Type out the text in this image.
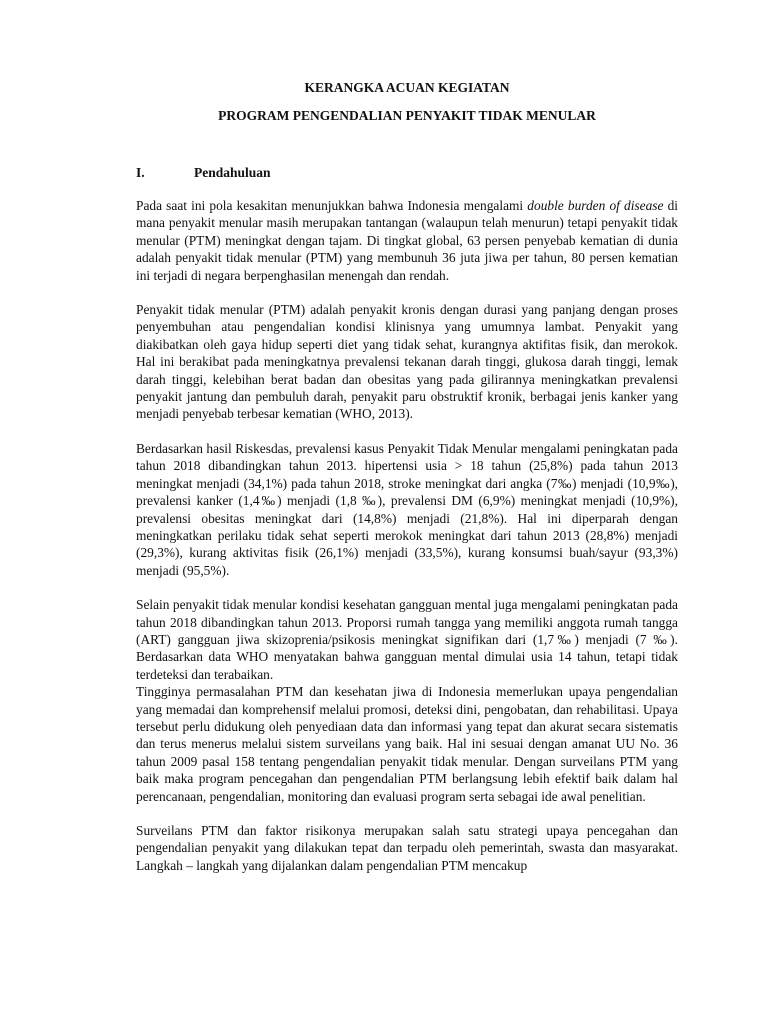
KERANGKA ACUAN KEGIATAN

PROGRAM PENGENDALIAN PENYAKIT TIDAK MENULAR

I.	Pendahuluan

Pada saat ini pola kesakitan menunjukkan bahwa Indonesia mengalami double burden of disease di mana penyakit menular masih merupakan tantangan (walaupun telah menurun) tetapi penyakit tidak menular (PTM) meningkat dengan tajam. Di tingkat global, 63 persen penyebab kematian di dunia adalah penyakit tidak menular (PTM) yang membunuh 36 juta jiwa per tahun, 80 persen kematian ini terjadi di negara berpenghasilan menengah dan rendah.

Penyakit tidak menular (PTM) adalah penyakit kronis dengan durasi yang panjang dengan proses penyembuhan atau pengendalian kondisi klinisnya yang umumnya lambat. Penyakit yang diakibatkan oleh gaya hidup seperti diet yang tidak sehat, kurangnya aktifitas fisik, dan merokok. Hal ini berakibat pada meningkatnya prevalensi tekanan darah tinggi, glukosa darah tinggi, lemak darah tinggi, kelebihan berat badan dan obesitas yang pada gilirannya meningkatkan prevalensi penyakit jantung dan pembuluh darah, penyakit paru obstruktif kronik, berbagai jenis kanker yang menjadi penyebab terbesar kematian (WHO, 2013).

Berdasarkan hasil Riskesdas, prevalensi kasus Penyakit Tidak Menular mengalami peningkatan pada tahun 2018 dibandingkan tahun 2013. hipertensi usia > 18 tahun (25,8%) pada tahun 2013 meningkat menjadi (34,1%) pada tahun 2018, stroke meningkat dari angka (7‰) menjadi (10,9‰), prevalensi kanker (1,4‰) menjadi (1,8 ‰), prevalensi DM (6,9%) meningkat menjadi (10,9%), prevalensi obesitas meningkat dari (14,8%) menjadi (21,8%). Hal ini diperparah dengan meningkatkan perilaku tidak sehat seperti merokok meningkat dari tahun 2013 (28,8%) menjadi (29,3%), kurang aktivitas fisik (26,1%) menjadi (33,5%), kurang konsumsi buah/sayur (93,3%) menjadi (95,5%).

Selain penyakit tidak menular kondisi kesehatan gangguan mental juga mengalami peningkatan pada tahun 2018 dibandingkan tahun 2013. Proporsi rumah tangga yang memiliki anggota rumah tangga (ART) gangguan jiwa skizoprenia/psikosis meningkat signifikan dari (1,7‰) menjadi (7 ‰). Berdasarkan data WHO menyatakan bahwa gangguan mental dimulai usia 14 tahun, tetapi tidak terdeteksi dan terabaikan.

Tingginya permasalahan PTM dan kesehatan jiwa di Indonesia memerlukan upaya pengendalian yang memadai dan komprehensif melalui promosi, deteksi dini, pengobatan, dan rehabilitasi. Upaya tersebut perlu didukung oleh penyediaan data dan informasi yang tepat dan akurat secara sistematis dan terus menerus melalui sistem surveilans yang baik. Hal ini sesuai dengan amanat UU No. 36 tahun 2009 pasal 158 tentang pengendalian penyakit tidak menular. Dengan surveilans PTM yang baik maka program pencegahan dan pengendalian PTM berlangsung lebih efektif baik dalam hal perencanaan, pengendalian, monitoring dan evaluasi program serta sebagai ide awal penelitian.

Surveilans PTM dan faktor risikonya merupakan salah satu strategi upaya pencegahan dan pengendalian penyakit yang dilakukan tepat dan terpadu oleh pemerintah, swasta dan masyarakat. Langkah – langkah yang dijalankan dalam pengendalian PTM mencakup
